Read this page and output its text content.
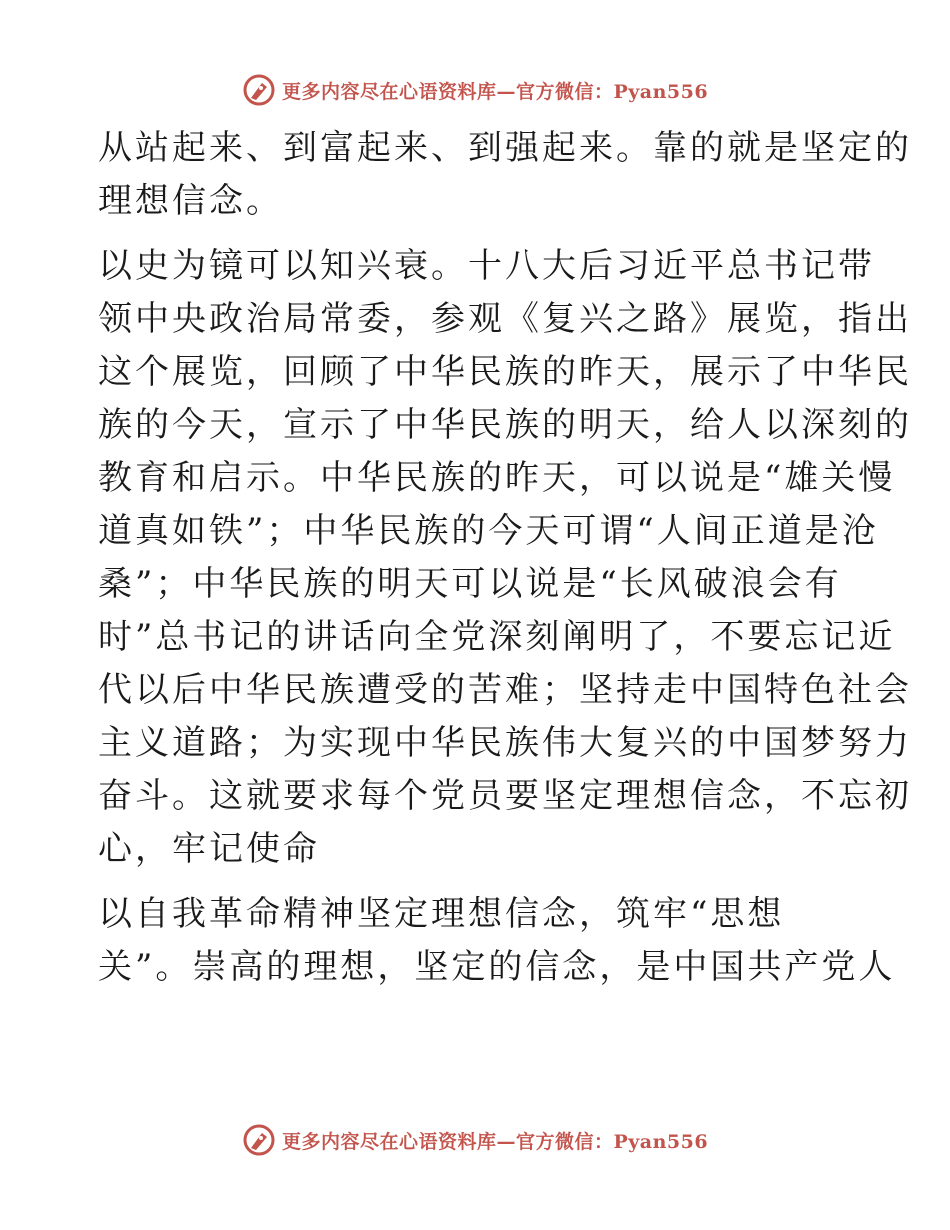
更多内容尽在心语资料库—官方微信：Pyan556

从站起来、到富起来、到强起来。靠的就是坚定的
理想信念。

以史为镜可以知兴衰。十八大后习近平总书记带
领中央政治局常委，参观《复兴之路》展览，指出
这个展览，回顾了中华民族的昨天，展示了中华民
族的今天，宣示了中华民族的明天，给人以深刻的
教育和启示。中华民族的昨天，可以说是“雄关慢
道真如铁”；中华民族的今天可谓“人间正道是沧
桑”；中华民族的明天可以说是“长风破浪会有
时”总书记的讲话向全党深刻阐明了，不要忘记近
代以后中华民族遭受的苦难；坚持走中国特色社会
主义道路；为实现中华民族伟大复兴的中国梦努力
奋斗。这就要求每个党员要坚定理想信念，不忘初
心，牢记使命

以自我革命精神坚定理想信念，筑牢“思想
关”。崇高的理想，坚定的信念，是中国共产党人

更多内容尽在心语资料库—官方微信：Pyan556
